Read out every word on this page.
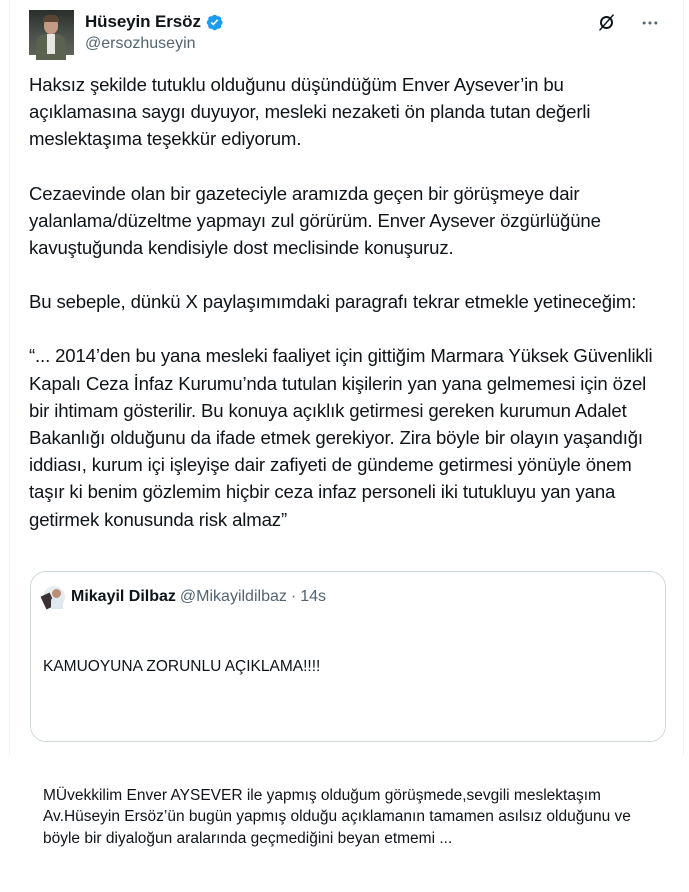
Hüseyin Ersöz
@ersozhuseyin

Haksız şekilde tutuklu olduğunu düşündüğüm Enver Aysever’in bu açıklamasına saygı duyuyor, mesleki nezaketi ön planda tutan değerli meslektaşıma teşekkür ediyorum.

Cezaevinde olan bir gazeteciyle aramızda geçen bir görüşmeye dair yalanlama/düzeltme yapmayı zul görürüm. Enver Aysever özgürlüğüne kavuştuğunda kendisiyle dost meclisinde konuşuruz.

Bu sebeple, dünkü X paylaşımımdaki paragrafı tekrar etmekle yetineceğim:

“... 2014’den bu yana mesleki faaliyet için gittiğim Marmara Yüksek Güvenlikli Kapalı Ceza İnfaz Kurumu’nda tutulan kişilerin yan yana gelmemesi için özel bir ihtimam gösterilir. Bu konuya açıklık getirmesi gereken kurumun Adalet Bakanlığı olduğunu da ifade etmek gerekiyor. Zira böyle bir olayın yaşandığı iddiası, kurum içi işleyişe dair zafiyeti de gündeme getirmesi yönüyle önem taşır ki benim gözlemim hiçbir ceza infaz personeli iki tutukluyu yan yana getirmek konusunda risk almaz”

Mikayil Dilbaz @Mikayildilbaz · 14s

KAMUOYUNA ZORUNLU AÇIKLAMA!!!!

MÜvekkilim Enver AYSEVER ile yapmış olduğum görüşmede,sevgili meslektaşım  Av.Hüseyin Ersöz’ün bugün yapmış olduğu açıklamanın tamamen asılsız olduğunu ve böyle bir diyaloğun aralarında geçmediğini beyan etmemi ...
